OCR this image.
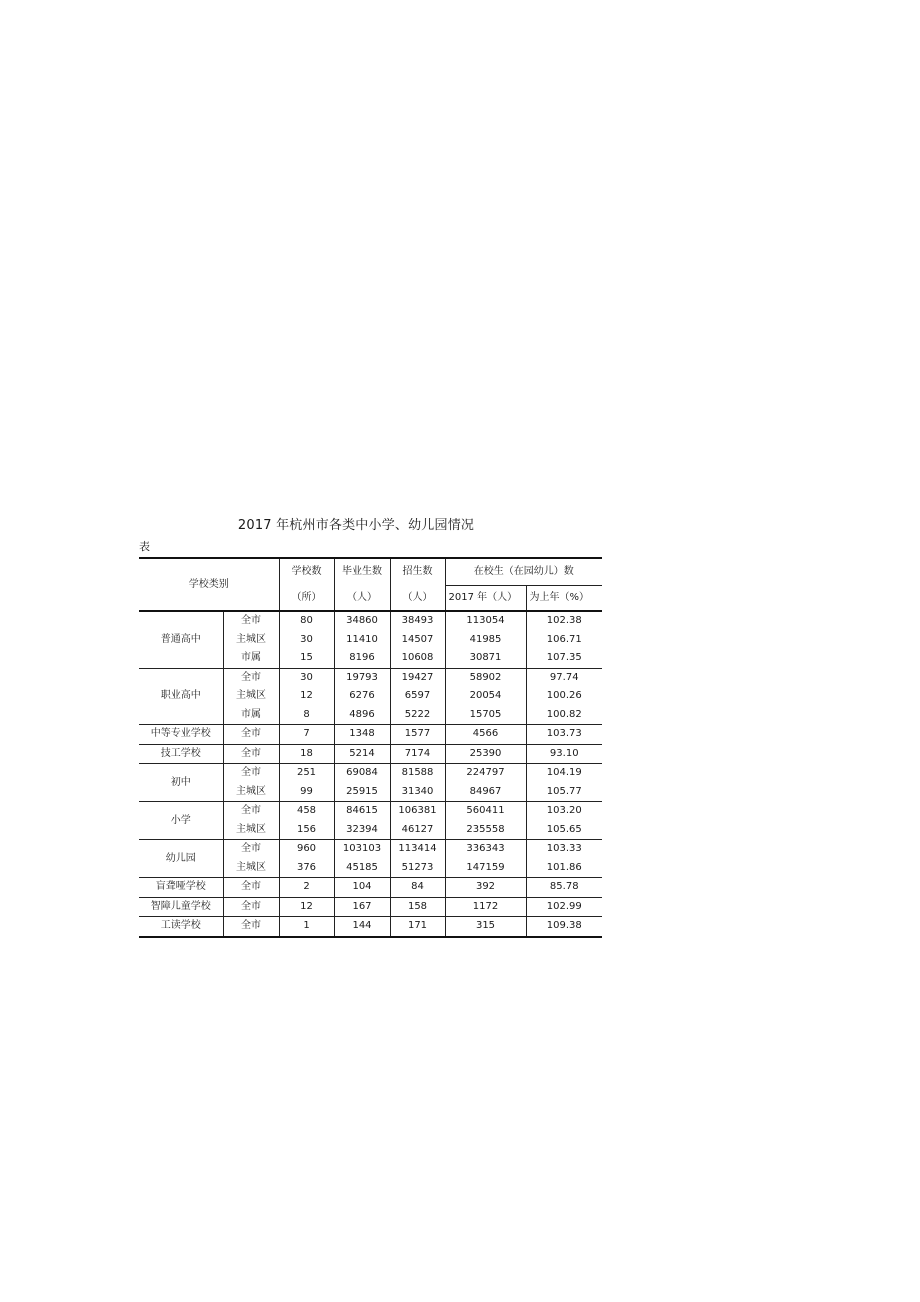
2017 年杭州市各类中小学、幼儿园情况
表
学校类别		学校数	毕业生数	招生数	在校生（在园幼儿）数	
		（所）	（人）	（人）	2017 年（人）	为上年（%）
普通高中	全市	80	34860	38493	113054	102.38
	主城区	30	11410	14507	41985	106.71
	市属	15	8196	10608	30871	107.35
职业高中	全市	30	19793	19427	58902	97.74
	主城区	12	6276	6597	20054	100.26
	市属	8	4896	5222	15705	100.82
中等专业学校	全市	7	1348	1577	4566	103.73
技工学校	全市	18	5214	7174	25390	93.10
初中	全市	251	69084	81588	224797	104.19
	主城区	99	25915	31340	84967	105.77
小学	全市	458	84615	106381	560411	103.20
	主城区	156	32394	46127	235558	105.65
幼儿园	全市	960	103103	113414	336343	103.33
	主城区	376	45185	51273	147159	101.86
盲聋哑学校	全市	2	104	84	392	85.78
智障儿童学校	全市	12	167	158	1172	102.99
工读学校	全市	1	144	171	315	109.38
